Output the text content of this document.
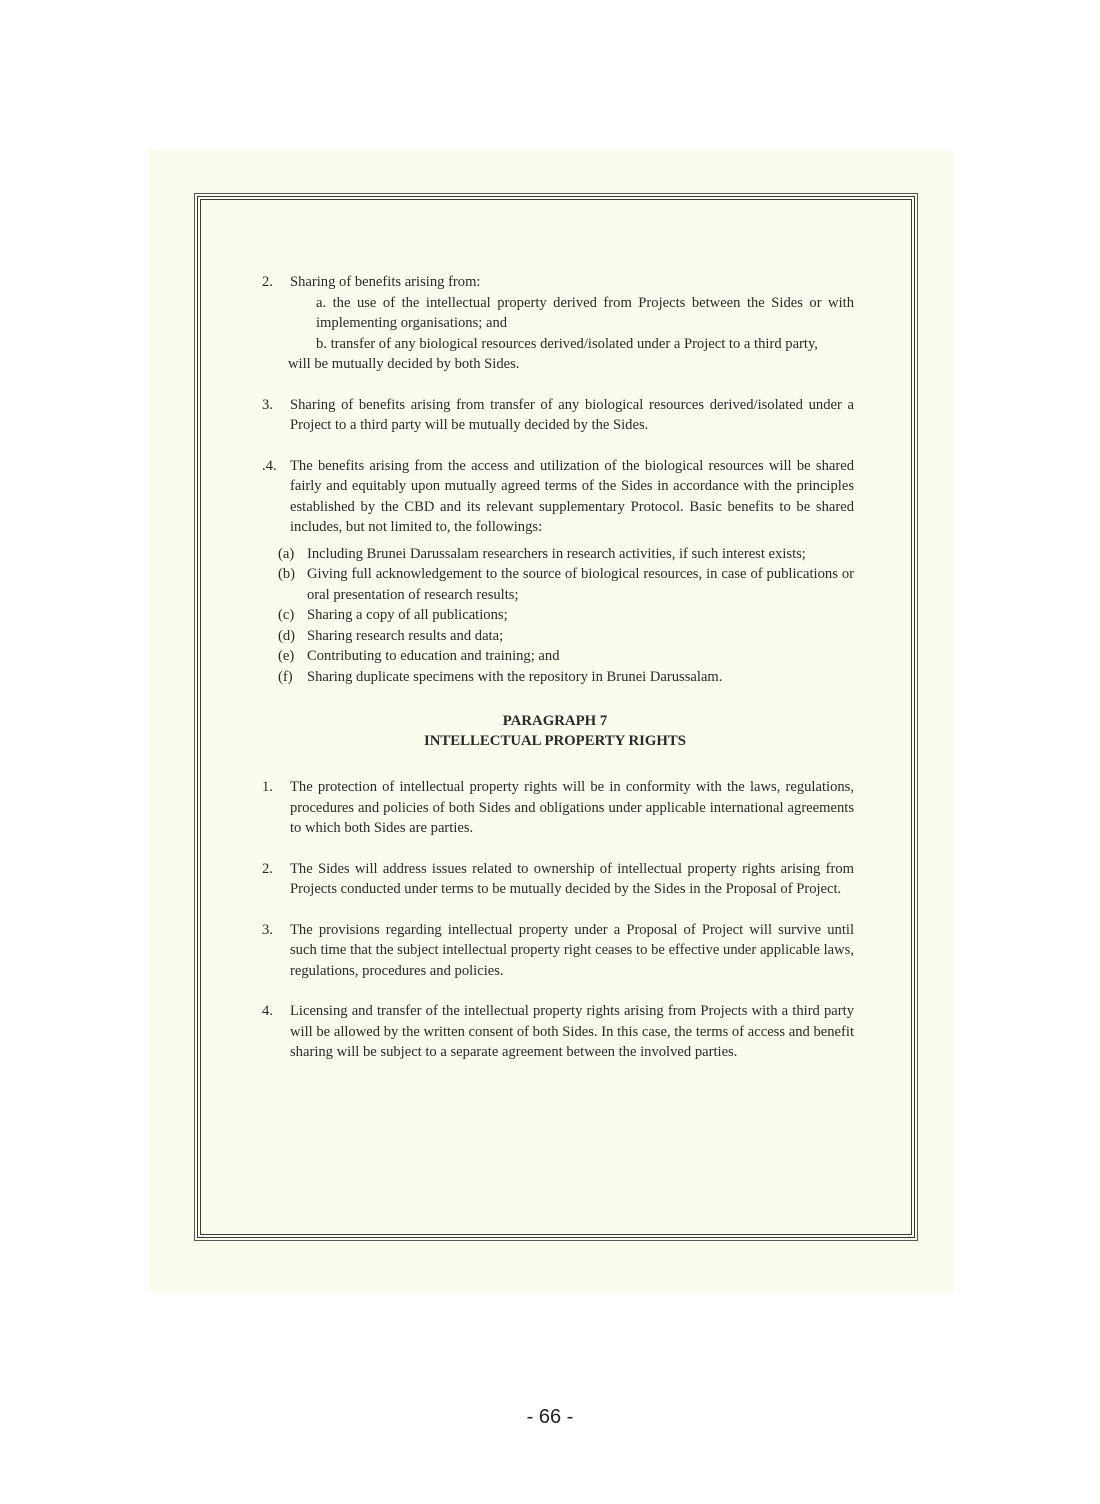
2. Sharing of benefits arising from:

a. the use of the intellectual property derived from Projects between the Sides or with implementing organisations; and

b. transfer of any biological resources derived/isolated under a Project to a third party,

will be mutually decided by both Sides.
3. Sharing of benefits arising from transfer of any biological resources derived/isolated under a Project to a third party will be mutually decided by the Sides.
.4. The benefits arising from the access and utilization of the biological resources will be shared fairly and equitably upon mutually agreed terms of the Sides in accordance with the principles established by the CBD and its relevant supplementary Protocol. Basic benefits to be shared includes, but not limited to, the followings:
(a) Including Brunei Darussalam researchers in research activities, if such interest exists;
(b) Giving full acknowledgement to the source of biological resources, in case of publications or oral presentation of research results;
(c) Sharing a copy of all publications;
(d) Sharing research results and data;
(e) Contributing to education and training; and
(f) Sharing duplicate specimens with the repository in Brunei Darussalam.
PARAGRAPH 7
INTELLECTUAL PROPERTY RIGHTS
1. The protection of intellectual property rights will be in conformity with the laws, regulations, procedures and policies of both Sides and obligations under applicable international agreements to which both Sides are parties.
2. The Sides will address issues related to ownership of intellectual property rights arising from Projects conducted under terms to be mutually decided by the Sides in the Proposal of Project.
3. The provisions regarding intellectual property under a Proposal of Project will survive until such time that the subject intellectual property right ceases to be effective under applicable laws, regulations, procedures and policies.
4. Licensing and transfer of the intellectual property rights arising from Projects with a third party will be allowed by the written consent of both Sides. In this case, the terms of access and benefit sharing will be subject to a separate agreement between the involved parties.
- 66 -
